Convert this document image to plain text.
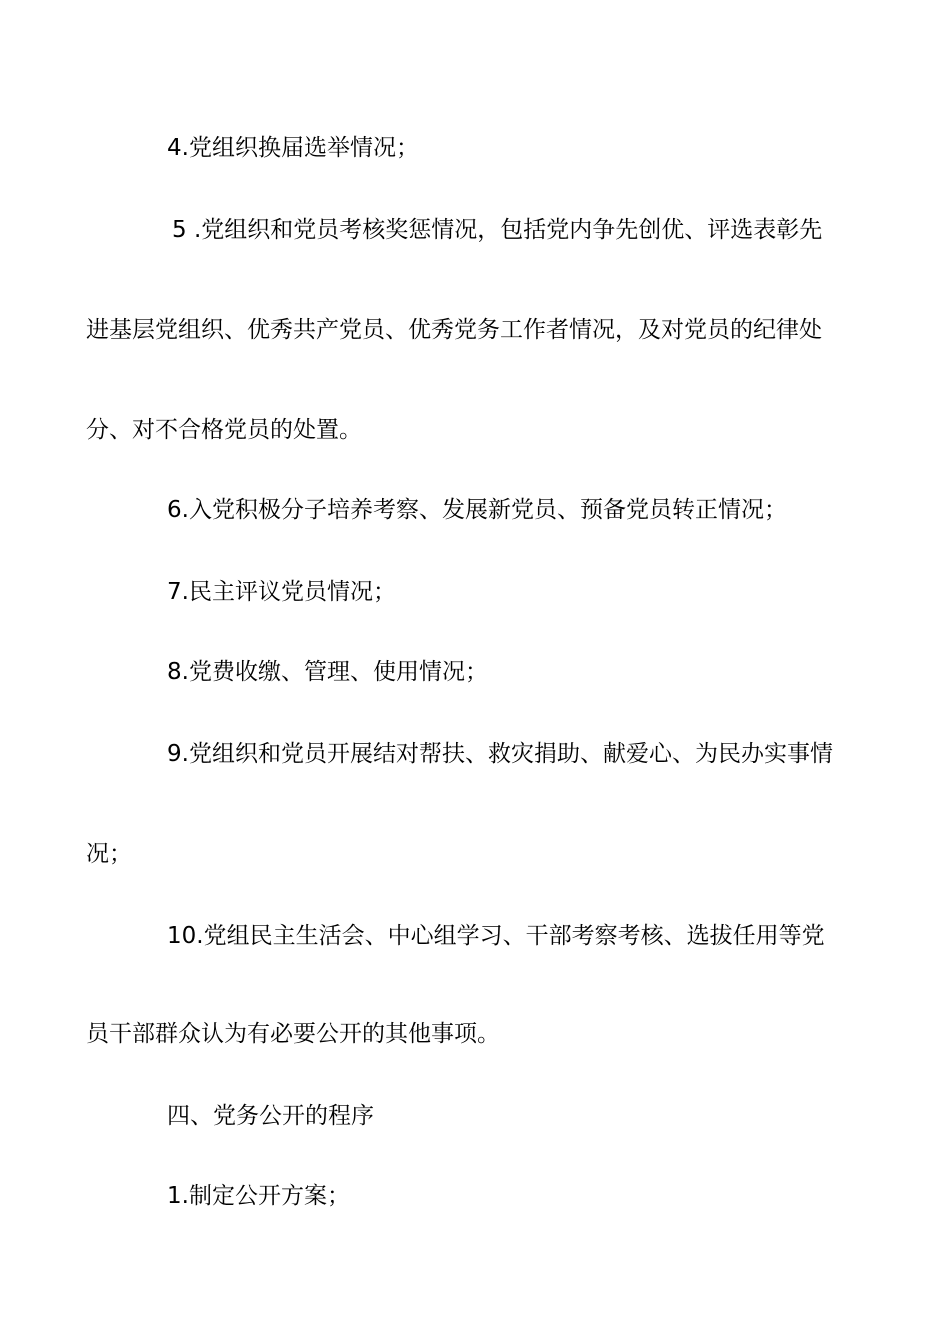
4.党组织换届选举情况；

5 .党组织和党员考核奖惩情况，包括党内争先创优、评选表彰先

进基层党组织、优秀共产党员、优秀党务工作者情况，及对党员的纪律处

分、对不合格党员的处置。

6.入党积极分子培养考察、发展新党员、预备党员转正情况；

7.民主评议党员情况；

8.党费收缴、管理、使用情况；

9.党组织和党员开展结对帮扶、救灾捐助、献爱心、为民办实事情

况；

10.党组民主生活会、中心组学习、干部考察考核、选拔任用等党

员干部群众认为有必要公开的其他事项。

四、党务公开的程序

1.制定公开方案；
